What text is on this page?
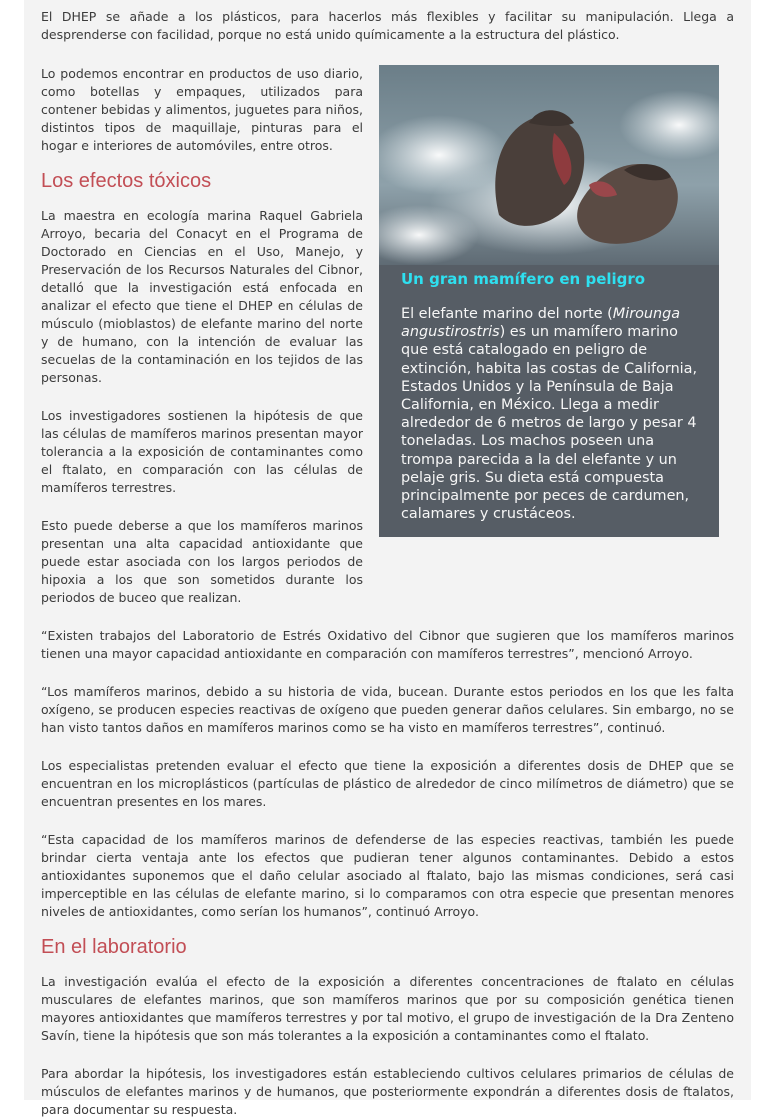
El DHEP se añade a los plásticos, para hacerlos más flexibles y facilitar su manipulación. Llega a desprenderse con facilidad, porque no está unido químicamente a la estructura del plástico.

Lo podemos encontrar en productos de uso diario, como botellas y empaques, utilizados para contener bebidas y alimentos, juguetes para niños, distintos tipos de maquillaje, pinturas para el hogar e interiores de automóviles, entre otros.

Los efectos tóxicos

La maestra en ecología marina Raquel Gabriela Arroyo, becaria del Conacyt en el Programa de Doctorado en Ciencias en el Uso, Manejo, y Preservación de los Recursos Naturales del Cibnor, detalló que la investigación está enfocada en analizar el efecto que tiene el DHEP en células de músculo (mioblastos) de elefante marino del norte y de humano, con la intención de evaluar las secuelas de la contaminación en los tejidos de las personas.

Los investigadores sostienen la hipótesis de que las células de mamíferos marinos presentan mayor tolerancia a la exposición de contaminantes como el ftalato, en comparación con las células de mamíferos terrestres.

Esto puede deberse a que los mamíferos marinos presentan una alta capacidad antioxidante que puede estar asociada con los largos periodos de hipoxia a los que son sometidos durante los periodos de buceo que realizan.

Un gran mamífero en peligro
El elefante marino del norte (Mirounga angustirostris) es un mamífero marino que está catalogado en peligro de extinción, habita las costas de California, Estados Unidos y la Península de Baja California, en México. Llega a medir alrededor de 6 metros de largo y pesar 4 toneladas. Los machos poseen una trompa parecida a la del elefante y un pelaje gris. Su dieta está compuesta principalmente por peces de cardumen, calamares y crustáceos.

“Existen trabajos del Laboratorio de Estrés Oxidativo del Cibnor que sugieren que los mamíferos marinos tienen una mayor capacidad antioxidante en comparación con mamíferos terrestres”, mencionó Arroyo.

“Los mamíferos marinos, debido a su historia de vida, bucean. Durante estos periodos en los que les falta oxígeno, se producen especies reactivas de oxígeno que pueden generar daños celulares. Sin embargo, no se han visto tantos daños en mamíferos marinos como se ha visto en mamíferos terrestres”, continuó.

Los especialistas pretenden evaluar el efecto que tiene la exposición a diferentes dosis de DHEP que se encuentran en los microplásticos (partículas de plástico de alrededor de cinco milímetros de diámetro) que se encuentran presentes en los mares.

“Esta capacidad de los mamíferos marinos de defenderse de las especies reactivas, también les puede brindar cierta ventaja ante los efectos que pudieran tener algunos contaminantes. Debido a estos antioxidantes suponemos que el daño celular asociado al ftalato, bajo las mismas condiciones, será casi imperceptible en las células de elefante marino, si lo comparamos con otra especie que presentan menores niveles de antioxidantes, como serían los humanos”, continuó Arroyo.

En el laboratorio

La investigación evalúa el efecto de la exposición a diferentes concentraciones de ftalato en células musculares de elefantes marinos, que son mamíferos marinos que por su composición genética tienen mayores antioxidantes que mamíferos terrestres y por tal motivo, el grupo de investigación de la Dra Zenteno Savín, tiene la hipótesis que son más tolerantes a la exposición a contaminantes como el ftalato.

Para abordar la hipótesis, los investigadores están estableciendo cultivos celulares primarios de células de músculos de elefantes marinos y de humanos, que posteriormente expondrán a diferentes dosis de ftalatos, para documentar su respuesta.
